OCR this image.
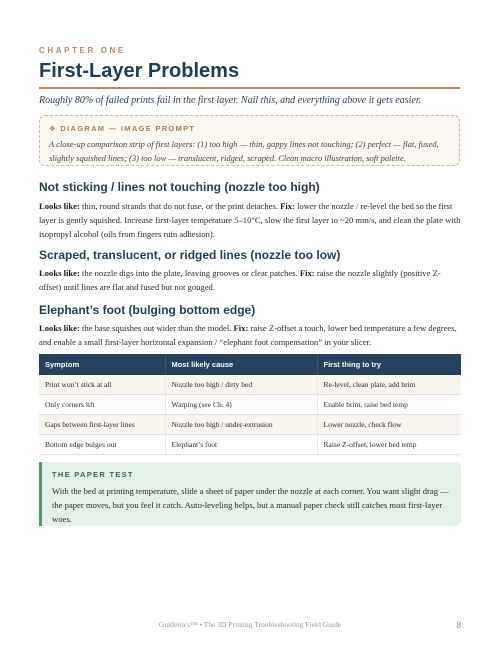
CHAPTER ONE
First-Layer Problems
Roughly 80% of failed prints fail in the first layer. Nail this, and everything above it gets easier.
❖ DIAGRAM — IMAGE PROMPT
A close-up comparison strip of first layers: (1) too high — thin, gappy lines not touching; (2) perfect — flat, fused, slightly squished lines; (3) too low — translucent, ridged, scraped. Clean macro illustration, soft palette.
Not sticking / lines not touching (nozzle too high)
Looks like: thin, round strands that do not fuse, or the print detaches. Fix: lower the nozzle / re-level the bed so the first layer is gently squished. Increase first-layer temperature 5–10°C, slow the first layer to ~20 mm/s, and clean the plate with isopropyl alcohol (oils from fingers ruin adhesion).
Scraped, translucent, or ridged lines (nozzle too low)
Looks like: the nozzle digs into the plate, leaving grooves or clear patches. Fix: raise the nozzle slightly (positive Z-offset) until lines are flat and fused but not gouged.
Elephant’s foot (bulging bottom edge)
Looks like: the base squishes out wider than the model. Fix: raise Z-offset a touch, lower bed temperature a few degrees, and enable a small first-layer horizontal expansion / “elephant foot compensation” in your slicer.
Symptom	Most likely cause	First thing to try
Print won’t stick at all	Nozzle too high / dirty bed	Re-level, clean plate, add brim
Only corners lift	Warping (see Ch. 4)	Enable brim, raise bed temp
Gaps between first-layer lines	Nozzle too high / under-extrusion	Lower nozzle, check flow
Bottom edge bulges out	Elephant’s foot	Raise Z-offset, lower bed temp
THE PAPER TEST
With the bed at printing temperature, slide a sheet of paper under the nozzle at each corner. You want slight drag — the paper moves, but you feel it catch. Auto-leveling helps, but a manual paper check still catches most first-layer woes.
Guidetrics™ • The 3D Printing Troubleshooting Field Guide	8
